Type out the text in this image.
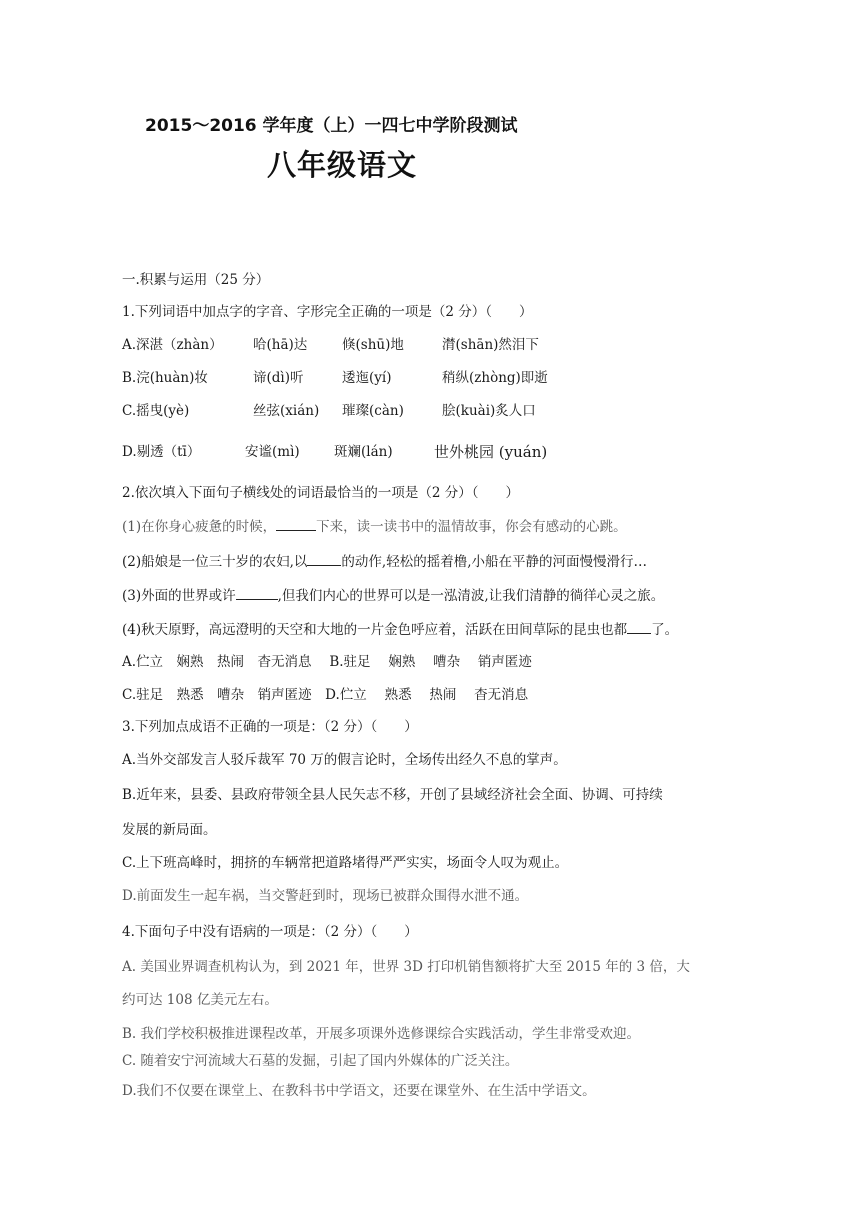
2015～2016 学年度（上）一四七中学阶段测试
八年级语文
一.积累与运用（25 分）
1.下列词语中加点字的字音、字形完全正确的一项是（2 分）（　　）
A.深湛（zhàn） 哈(hā)达	倏(shū)地	潸(shān)然泪下
B.浣(huàn)妆	谛(dì)听	逶迤(yí)	稍纵(zhòng)即逝
C.摇曳(yè)	丝弦(xián) 璀璨(càn)	脍(kuài)炙人口
D.剔透（tī）	安谧(mì)	斑斓(lán)	世外桃园 (yuán)
2.依次填入下面句子横线处的词语最恰当的一项是（2 分）（　　）
(1)在你身心疲惫的时候，	下来，读一读书中的温情故事，你会有感动的心跳。
(2)船娘是一位三十岁的农妇,以	的动作,轻松的摇着橹,小船在平静的河面慢慢滑行…
(3)外面的世界或许	,但我们内心的世界可以是一泓清波,让我们清静的徜徉心灵之旅。
(4)秋天原野，高远澄明的天空和大地的一片金色呼应着，活跃在田间草际的昆虫也都 了。
A.伫立　娴熟　热闹　杳无消息　 B.驻足　 娴熟　 嘈杂　 销声匿迹
C.驻足　熟悉　嘈杂　销声匿迹　D.伫立　 熟悉　 热闹　 杳无消息
3.下列加点成语不正确的一项是：（2 分）（　　）
A.当外交部发言人驳斥裁军 70 万的假言论时，全场传出经久不息的掌声。
B.近年来，县委、县政府带领全县人民矢志不移，开创了县域经济社会全面、协调、可持续
发展的新局面。
C.上下班高峰时，拥挤的车辆常把道路堵得严严实实，场面令人叹为观止。
D.前面发生一起车祸，当交警赶到时，现场已被群众围得水泄不通。
4.下面句子中没有语病的一项是：（2 分）（　　）
A. 美国业界调查机构认为，到 2021 年，世界 3D 打印机销售额将扩大至 2015 年的 3 倍，大
约可达 108 亿美元左右。
B. 我们学校积极推进课程改革，开展多项课外选修课综合实践活动，学生非常受欢迎。
C. 随着安宁河流域大石墓的发掘，引起了国内外媒体的广泛关注。
D.我们不仅要在课堂上、在教科书中学语文，还要在课堂外、在生活中学语文。
